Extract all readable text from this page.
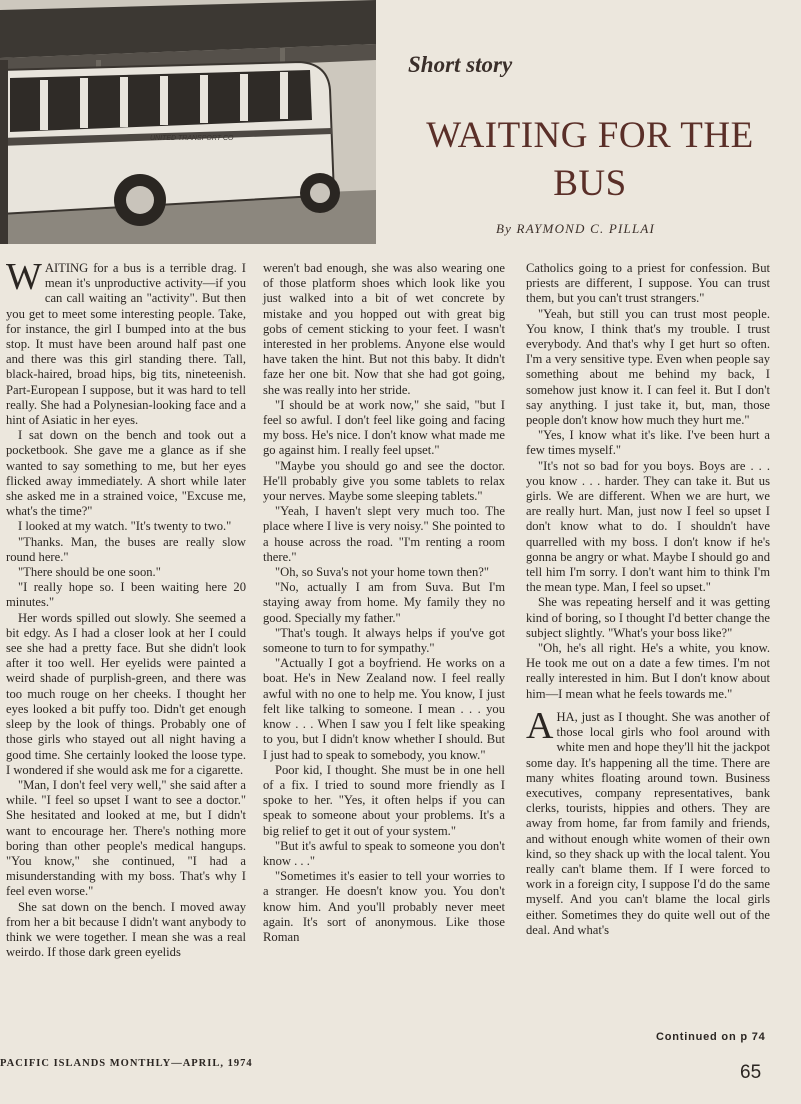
UNITED TRANSPORT CO
Short story
WAITING FOR THE BUS
By RAYMOND C. PILLAI

WAITING for a bus is a terrible drag. I mean it's unproductive activity—if you can call waiting an "activity". But then you get to meet some interesting people. Take, for instance, the girl I bumped into at the bus stop. It must have been around half past one and there was this girl standing there. Tall, black-haired, broad hips, big tits, nineteenish. Part-European I suppose, but it was hard to tell really. She had a Polynesian-looking face and a hint of Asiatic in her eyes.

I sat down on the bench and took out a pocketbook. She gave me a glance as if she wanted to say something to me, but her eyes flicked away immediately. A short while later she asked me in a strained voice, "Excuse me, what's the time?"

I looked at my watch. "It's twenty to two."

"Thanks. Man, the buses are really slow round here."

"There should be one soon."

"I really hope so. I been waiting here 20 minutes."

Her words spilled out slowly. She seemed a bit edgy. As I had a closer look at her I could see she had a pretty face. But she didn't look after it too well. Her eyelids were painted a weird shade of purplish-green, and there was too much rouge on her cheeks. I thought her eyes looked a bit puffy too. Didn't get enough sleep by the look of things. Probably one of those girls who stayed out all night having a good time. She certainly looked the loose type. I wondered if she would ask me for a cigarette.

"Man, I don't feel very well," she said after a while. "I feel so upset I want to see a doctor." She hesitated and looked at me, but I didn't want to encourage her. There's nothing more boring than other people's medical hangups. "You know," she continued, "I had a misunderstanding with my boss. That's why I feel even worse."

She sat down on the bench. I moved away from her a bit because I didn't want anybody to think we were together. I mean she was a real weirdo. If those dark green eyelids

weren't bad enough, she was also wearing one of those platform shoes which look like you just walked into a bit of wet concrete by mistake and you hopped out with great big gobs of cement sticking to your feet. I wasn't interested in her problems. Anyone else would have taken the hint. But not this baby. It didn't faze her one bit. Now that she had got going, she was really into her stride.

"I should be at work now," she said, "but I feel so awful. I don't feel like going and facing my boss. He's nice. I don't know what made me go against him. I really feel upset."

"Maybe you should go and see the doctor. He'll probably give you some tablets to relax your nerves. Maybe some sleeping tablets."

"Yeah, I haven't slept very much too. The place where I live is very noisy." She pointed to a house across the road. "I'm renting a room there."

"Oh, so Suva's not your home town then?"

"No, actually I am from Suva. But I'm staying away from home. My family they no good. Specially my father."

"That's tough. It always helps if you've got someone to turn to for sympathy."

"Actually I got a boyfriend. He works on a boat. He's in New Zealand now. I feel really awful with no one to help me. You know, I just felt like talking to someone. I mean . . . you know . . . When I saw you I felt like speaking to you, but I didn't know whether I should. But I just had to speak to somebody, you know."

Poor kid, I thought. She must be in one hell of a fix. I tried to sound more friendly as I spoke to her. "Yes, it often helps if you can speak to someone about your problems. It's a big relief to get it out of your system."

"But it's awful to speak to someone you don't know . . ."

"Sometimes it's easier to tell your worries to a stranger. He doesn't know you. You don't know him. And you'll probably never meet again. It's sort of anonymous. Like those Roman

Catholics going to a priest for confession. But priests are different, I suppose. You can trust them, but you can't trust strangers."

"Yeah, but still you can trust most people. You know, I think that's my trouble. I trust everybody. And that's why I get hurt so often. I'm a very sensitive type. Even when people say something about me behind my back, I somehow just know it. I can feel it. But I don't say anything. I just take it, but, man, those people don't know how much they hurt me."

"Yes, I know what it's like. I've been hurt a few times myself."

"It's not so bad for you boys. Boys are . . . you know . . . harder. They can take it. But us girls. We are different. When we are hurt, we are really hurt. Man, just now I feel so upset I don't know what to do. I shouldn't have quarrelled with my boss. I don't know if he's gonna be angry or what. Maybe I should go and tell him I'm sorry. I don't want him to think I'm the mean type. Man, I feel so upset."

She was repeating herself and it was getting kind of boring, so I thought I'd better change the subject slightly. "What's your boss like?"

"Oh, he's all right. He's a white, you know. He took me out on a date a few times. I'm not really interested in him. But I don't know about him—I mean what he feels towards me."

AHA, just as I thought. She was another of those local girls who fool around with white men and hope they'll hit the jackpot some day. It's happening all the time. There are many whites floating around town. Business executives, company representatives, bank clerks, tourists, hippies and others. They are away from home, far from family and friends, and without enough white women of their own kind, so they shack up with the local talent. You really can't blame them. If I were forced to work in a foreign city, I suppose I'd do the same myself. And you can't blame the local girls either. Sometimes they do quite well out of the deal. And what's

Continued on p 74
PACIFIC ISLANDS MONTHLY—APRIL, 1974	65
